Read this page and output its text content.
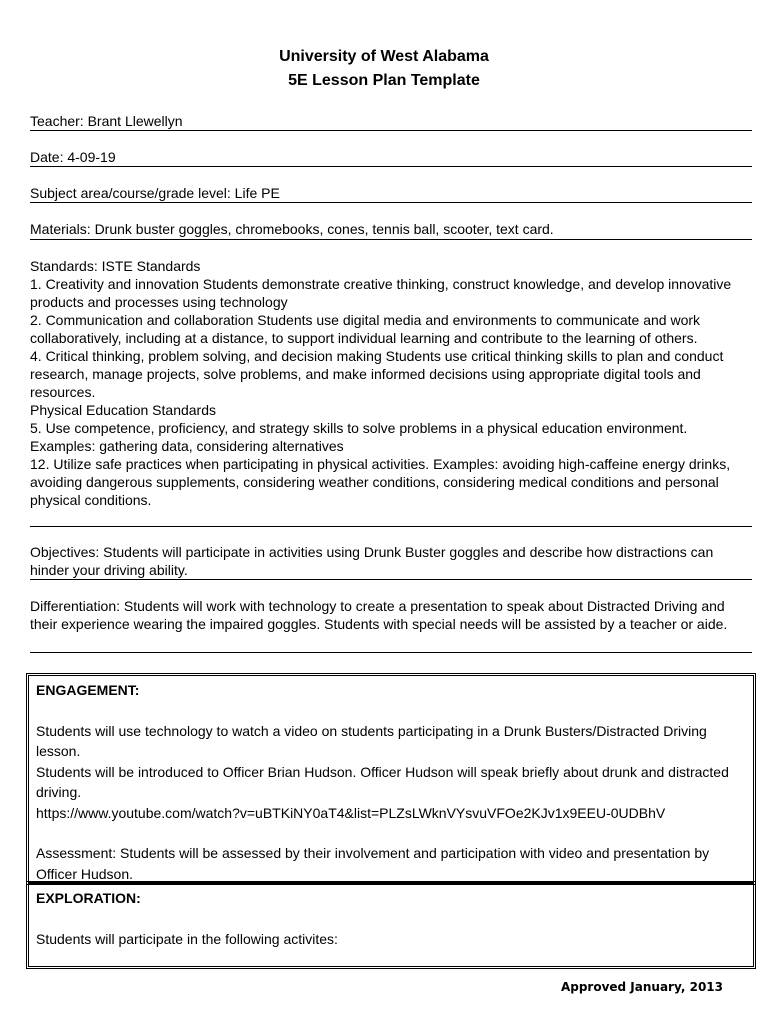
University of West Alabama
5E Lesson Plan Template

Teacher: Brant Llewellyn

Date: 4-09-19

Subject area/course/grade level: Life PE

Materials: Drunk buster goggles, chromebooks, cones, tennis ball, scooter, text card.

Standards: ISTE Standards

1. Creativity and innovation Students demonstrate creative thinking, construct knowledge, and develop innovative products and processes using technology

2. Communication and collaboration Students use digital media and environments to communicate and work collaboratively, including at a distance, to support individual learning and contribute to the learning of others.

4. Critical thinking, problem solving, and decision making Students use critical thinking skills to plan and conduct research, manage projects, solve problems, and make informed decisions using appropriate digital tools and resources.

Physical Education Standards

5. Use competence, proficiency, and strategy skills to solve problems in a physical education environment. Examples: gathering data, considering alternatives

12. Utilize safe practices when participating in physical activities. Examples: avoiding high-caffeine energy drinks, avoiding dangerous supplements, considering weather conditions, considering medical conditions and personal physical conditions.

Objectives: Students will participate in activities using Drunk Buster goggles and describe how distractions can hinder your driving ability.

Differentiation: Students will work with technology to create a presentation to speak about Distracted Driving and their experience wearing the impaired goggles. Students with special needs will be assisted by a teacher or aide.

ENGAGEMENT:

Students will use technology to watch a video on students participating in a Drunk Busters/Distracted Driving lesson.

Students will be introduced to Officer Brian Hudson. Officer Hudson will speak briefly about drunk and distracted driving.

https://www.youtube.com/watch?v=uBTKiNY0aT4&list=PLZsLWknVYsvuVFOe2KJv1x9EEU-0UDBhV

Assessment: Students will be assessed by their involvement and participation with video and presentation by Officer Hudson.

EXPLORATION:

Students will participate in the following activites:

Approved January, 2013
